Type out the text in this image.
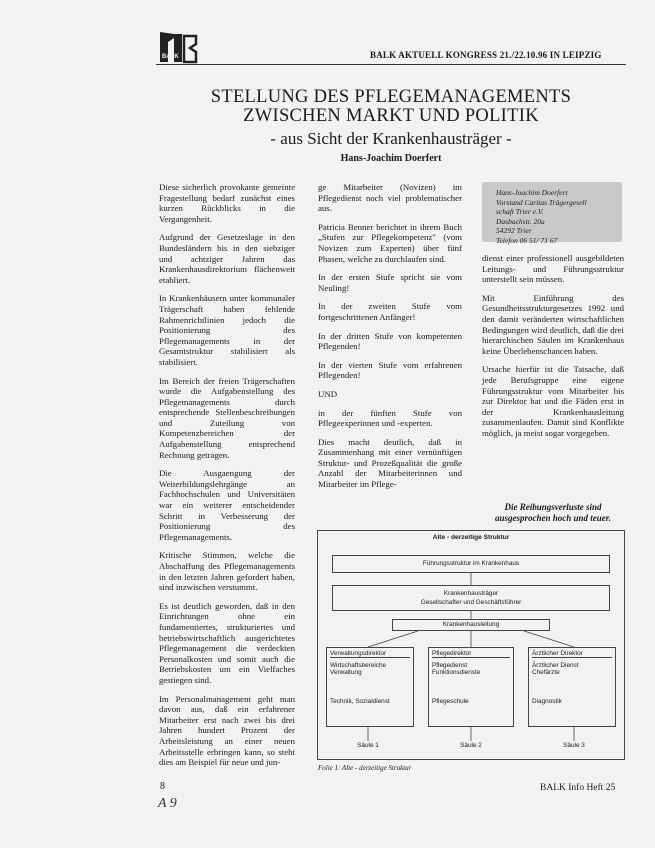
BALK	BALK AKTUELL KONGRESS 21./22.10.96 IN LEIPZIG
STELLUNG DES PFLEGEMANAGEMENTS
ZWISCHEN MARKT UND POLITIK
- aus Sicht der Krankenhausträger -
Hans-Joachim Doerfert

Diese sicherlich provokante gemeinte Fragestellung bedarf zunächst eines kurzen Rückblicks in die Vergangenheit.

Aufgrund der Gesetzeslage in den Bundesländern bis in den siebziger und achtziger Jahren das Krankenhausdirektorium flächenweit etabliert.

In Krankenhäusern unter kommunaler Trägerschaft haben fehlende Rahmenrichtlinien jedoch die Positionierung des Pflegemanagements in der Gesamtstruktur stabilisiert als stabilisiert.

Im Bereich der freien Trägerschaften wurde die Aufgabenstellung des Pflegemanagements durch entsprechende Stellenbeschreibungen und Zuteilung von Kompetenzbereichen der Aufgabenstellung entsprechend Rechnung getragen.

Die Ausgaengung der Weiterbildungslehrgänge an Fachhochschulen und Universitäten war ein weiterer entscheidender Schritt in Verbesserung der Positionierung des Pflegemanagements.

Kritische Stimmen, welche die Abschaffung des Pflegemanagements in den letzten Jahren gefordert haben, sind inzwischen verstummt.

Es ist deutlich geworden, daß in den Einrichtungen ohne ein fundamentiertes, strukturiertes und betriebswirtschaftlich ausgerichtetes Pflegemanagement die verdeckten Personalkosten und somit auch die Betriebskosten um ein Vielfaches gestiegen sind.

Im Personalmanagement geht man davon aus, daß ein erfahrener Mitarbeiter erst nach zwei bis drei Jahren hundert Prozent der Arbeitsleistung an einer neuen Arbeitsstelle erbringen kann, so steht dies am Beispiel für neue und jun-

ge Mitarbeiter (Novizen) im Pflegedienst noch viel problematischer aus.

Patricia Benner berichtet in ihrem Buch „Stufen zur Pflegekompetenz" (vom Novizen zum Experten) über fünf Phasen, welche zu durchlaufen sind.

In der ersten Stufe spricht sie vom Neuling!

In der zweiten Stufe vom fortgeschrittenen Anfänger!

In der dritten Stufe von kompetenten Pflegenden!

In der vierten Stufe vom erfahrenen Pflegenden!

UND

in der fünften Stufe von Pflegeexperinnen und -experten.

Dies macht deutlich, daß in Zusammenhang mit einer vernünftigen Struktur- und Prozeßqualität die große Anzahl der Mitarbeiterinnen und Mitarbeiter im Pflege-

Hans-Joachim Doerfert
Vorstand Caritas Trägergesell
schaft Trier e.V.
Dasbachstr. 20a
54292 Trier
Telefon 06 51/ 71 67

dienst einer professionell ausgebildeten Leitungs- und Führungsstruktur unterstellt sein müssen.

Mit Einführung des Gesundheitsstrukturgesetzes 1992 und den damit veränderten wirtschaftlichen Bedingungen wird deutlich, daß die drei hierarchischen Säulen im Krankenhaus keine Überlebenschancen haben.

Ursache hierfür ist die Tatsache, daß jede Berufsgruppe eine eigene Führungsstruktur vom Mitarbeiter bis zur Direktor hat und die Fäden erst in der Krankenhausleitung zusammenlaufen. Damit sind Konflikte möglich, ja meist sogar vorgegeben.

Die Reibungsverluste sind ausgesprochen hoch und teuer.
Alte - derzeitige Struktur
Führungsstruktur im Krankenhaus
Krankenhausträger
Gesellschafter und Geschäftsführer
Krankenhausleitung
Verwaltungsdirektor
Wirtschaftsbereiche
Verwaltung
Technik, Sozialdienst
Pflegedirektor
Pflegedienst
Funktionsdienste
Pflegeschule
Ärztlicher Direktor
Ärztlicher Dienst
Chefärzte
Diagnostik
Säule 1	Säule 2	Säule 3
Folie 1: Alte - derzeitige Struktur
8
A 9
BALK Info Heft 25
